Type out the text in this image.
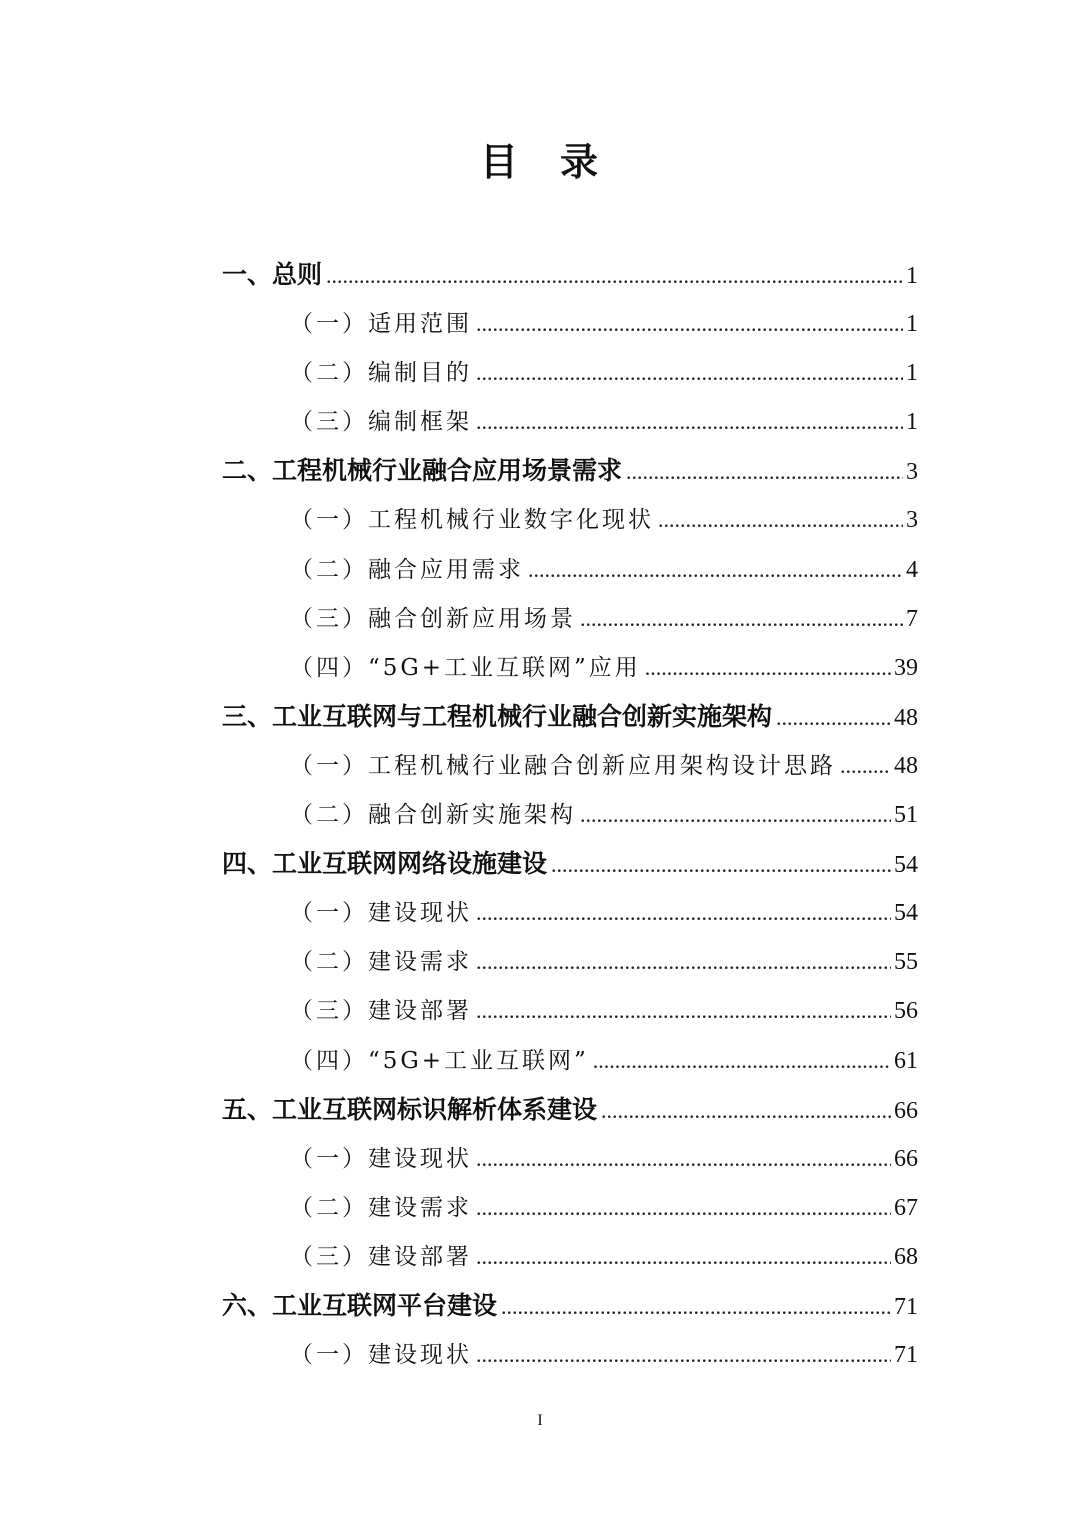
目　录
一、总则 .....	1
（一）适用范围 .....	1
（二）编制目的 .....	1
（三）编制框架 .....	1
二、工程机械行业融合应用场景需求 .....	3
（一）工程机械行业数字化现状 .....	3
（二）融合应用需求 .....	4
（三）融合创新应用场景 .....	7
（四）“5G+工业互联网”应用 .....	39
三、工业互联网与工程机械行业融合创新实施架构 .....	48
（一）工程机械行业融合创新应用架构设计思路 ..... 48
（二）融合创新实施架构 .....	51
四、工业互联网网络设施建设 .....	54
（一）建设现状 .....	54
（二）建设需求 .....	55
（三）建设部署 .....	56
（四）“5G+工业互联网” .....	61
五、工业互联网标识解析体系建设 .....	66
（一）建设现状 .....	66
（二）建设需求 .....	67
（三）建设部署 .....	68
六、工业互联网平台建设 .....	71
（一）建设现状 .....	71
I
